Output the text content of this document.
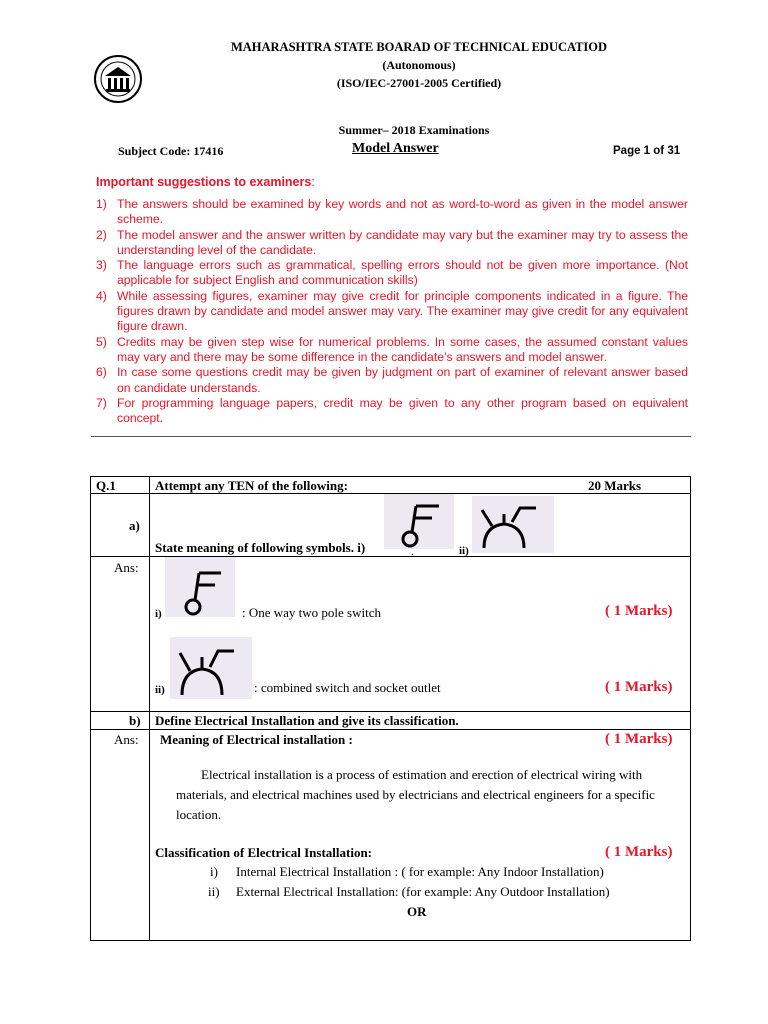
MAHARASHTRA STATE BOARAD OF TECHNICAL EDUCATIOD
(Autonomous)
(ISO/IEC-27001-2005 Certified)
Summer– 2018 Examinations
Subject Code: 17416	Model Answer	Page 1 of 31
Important suggestions to examiners:
1) The answers should be examined by key words and not as word-to-word as given in the model answer scheme.
2) The model answer and the answer written by candidate may vary but the examiner may try to assess the understanding level of the candidate.
3) The language errors such as grammatical, spelling errors should not be given more importance. (Not applicable for subject English and communication skills)
4) While assessing figures, examiner may give credit for principle components indicated in a figure. The figures drawn by candidate and model answer may vary. The examiner may give credit for any equivalent figure drawn.
5) Credits may be given step wise for numerical problems. In some cases, the assumed constant values may vary and there may be some difference in the candidate’s answers and model answer.
6) In case some questions credit may be given by judgment on part of examiner of relevant answer based on candidate understands.
7) For programming language papers, credit may be given to any other program based on equivalent concept.
Q.1	Attempt any TEN of the following:	20 Marks
a)
State meaning of following symbols. i)	.	ii)
Ans:
i)	: One way two pole switch	( 1 Marks)
ii)	: combined switch and socket outlet	( 1 Marks)
b) Define Electrical Installation and give its classification.
Ans: Meaning of Electrical installation :	( 1 Marks)
Electrical installation is a process of estimation and erection of electrical wiring with materials, and electrical machines used by electricians and electrical engineers for a specific location.
Classification of Electrical Installation:	( 1 Marks)
i) Internal Electrical Installation : ( for example: Any Indoor Installation)
ii) External Electrical Installation: (for example: Any Outdoor Installation)
OR
